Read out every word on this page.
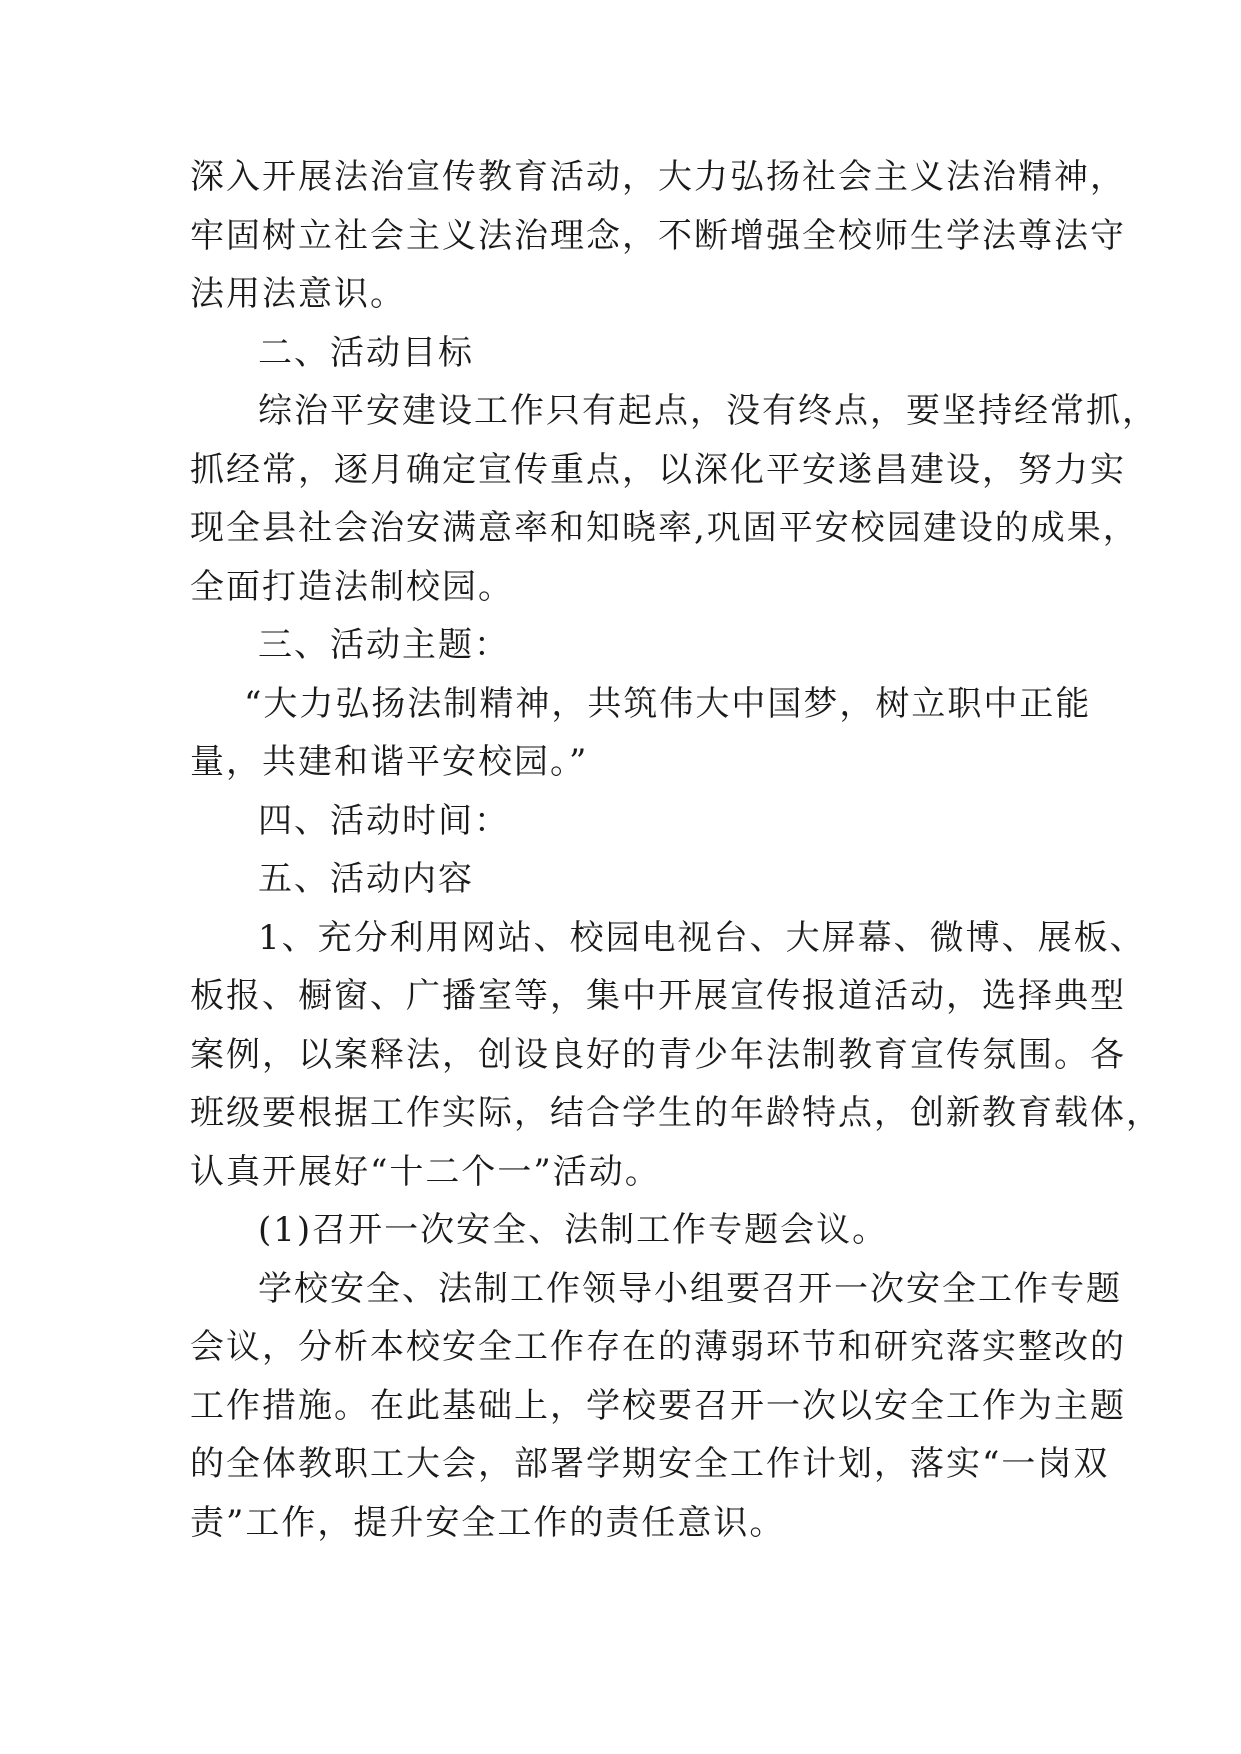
深入开展法治宣传教育活动，大力弘扬社会主义法治精神，
牢固树立社会主义法治理念，不断增强全校师生学法尊法守
法用法意识。
二、活动目标
综治平安建设工作只有起点，没有终点，要坚持经常抓，
抓经常，逐月确定宣传重点，以深化平安遂昌建设，努力实
现全县社会治安满意率和知晓率,巩固平安校园建设的成果，
全面打造法制校园。
三、活动主题：
“大力弘扬法制精神，共筑伟大中国梦，树立职中正能
量，共建和谐平安校园。”
四、活动时间：
五、活动内容
1、充分利用网站、校园电视台、大屏幕、微博、展板、
板报、橱窗、广播室等，集中开展宣传报道活动，选择典型
案例，以案释法，创设良好的青少年法制教育宣传氛围。各
班级要根据工作实际，结合学生的年龄特点，创新教育载体，
认真开展好“十二个一”活动。
(1)召开一次安全、法制工作专题会议。
学校安全、法制工作领导小组要召开一次安全工作专题
会议，分析本校安全工作存在的薄弱环节和研究落实整改的
工作措施。在此基础上，学校要召开一次以安全工作为主题
的全体教职工大会，部署学期安全工作计划，落实“一岗双
责”工作，提升安全工作的责任意识。
